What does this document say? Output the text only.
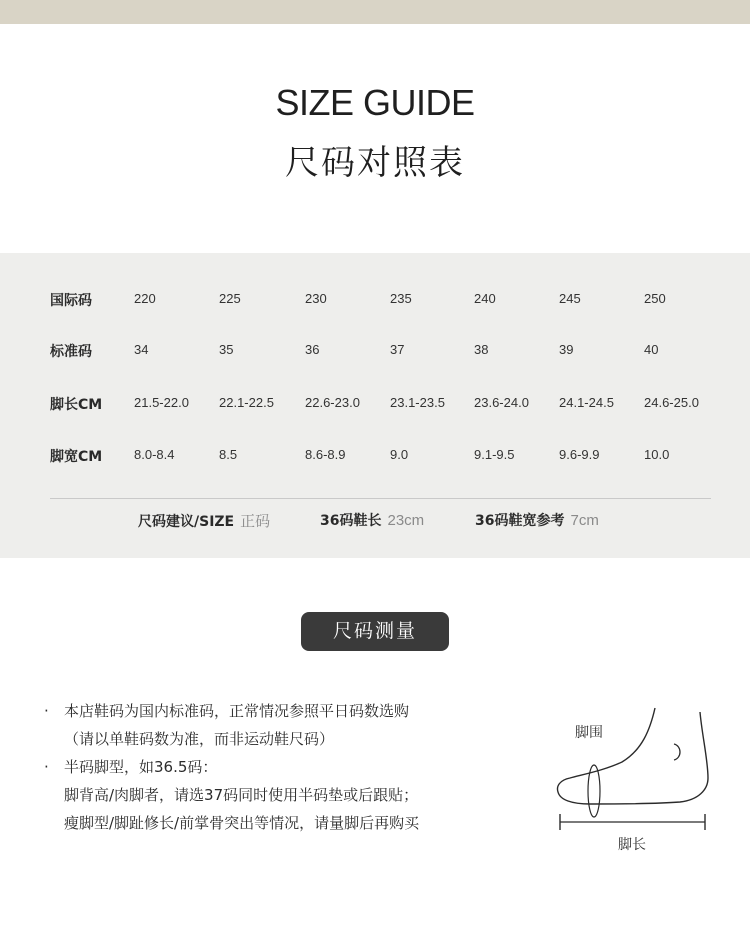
SIZE GUIDE
尺码对照表
国际码	220	225	230	235	240	245	250
标准码	34	35	36	37	38	39	40
脚长CM 21.5-22.0 22.1-22.5 22.6-23.0 23.1-23.5 23.6-24.0 24.1-24.5 24.6-25.0
脚宽CM 8.0-8.4	8.5	8.6-8.9	9.0	9.1-9.5	9.6-9.9	10.0
尺码建议/SIZE 正码	36码鞋长 23cm	36码鞋宽参考 7cm
尺码测量
· 本店鞋码为国内标准码，正常情况参照平日码数选购
（请以单鞋码数为准，而非运动鞋尺码）
· 半码脚型，如36.5码：
脚背高/肉脚者，请选37码同时使用半码垫或后跟贴；
瘦脚型/脚趾修长/前掌骨突出等情况，请量脚后再购买
脚围
脚长
